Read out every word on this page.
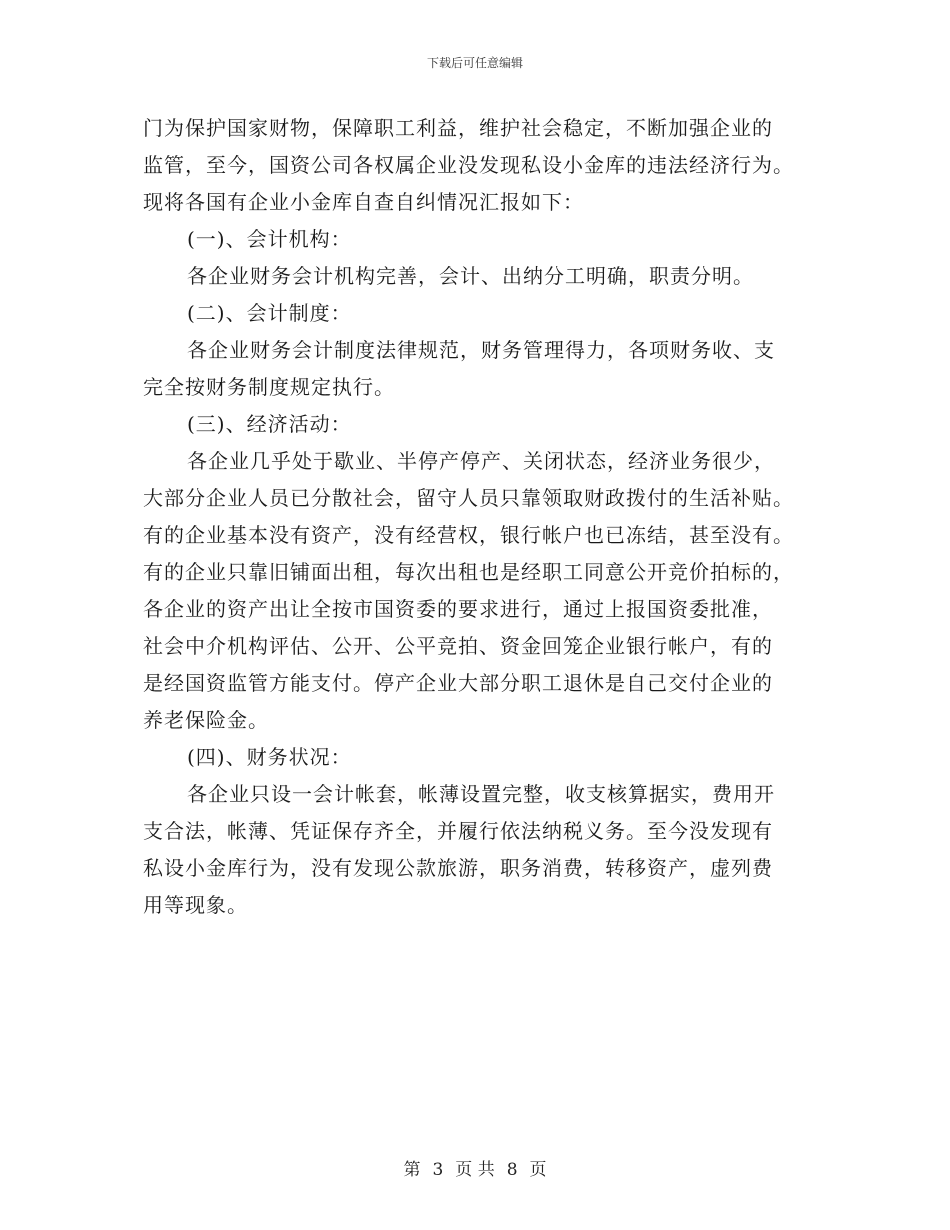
下载后可任意编辑
门为保护国家财物，保障职工利益，维护社会稳定，不断加强企业的
监管，至今，国资公司各权属企业没发现私设小金库的违法经济行为。
现将各国有企业小金库自查自纠情况汇报如下：
(一)、会计机构：
各企业财务会计机构完善，会计、出纳分工明确，职责分明。
(二)、会计制度：
各企业财务会计制度法律规范，财务管理得力，各项财务收、支
完全按财务制度规定执行。
(三)、经济活动：
各企业几乎处于歇业、半停产停产、关闭状态，经济业务很少，
大部分企业人员已分散社会，留守人员只靠领取财政拨付的生活补贴。
有的企业基本没有资产，没有经营权，银行帐户也已冻结，甚至没有。
有的企业只靠旧铺面出租，每次出租也是经职工同意公开竞价拍标的，
各企业的资产出让全按市国资委的要求进行，通过上报国资委批准，
社会中介机构评估、公开、公平竞拍、资金回笼企业银行帐户，有的
是经国资监管方能支付。停产企业大部分职工退休是自己交付企业的
养老保险金。
(四)、财务状况：
各企业只设一会计帐套，帐薄设置完整，收支核算据实，费用开
支合法，帐薄、凭证保存齐全，并履行依法纳税义务。至今没发现有
私设小金库行为，没有发现公款旅游，职务消费，转移资产，虚列费
用等现象。
第 3 页 共 8 页
